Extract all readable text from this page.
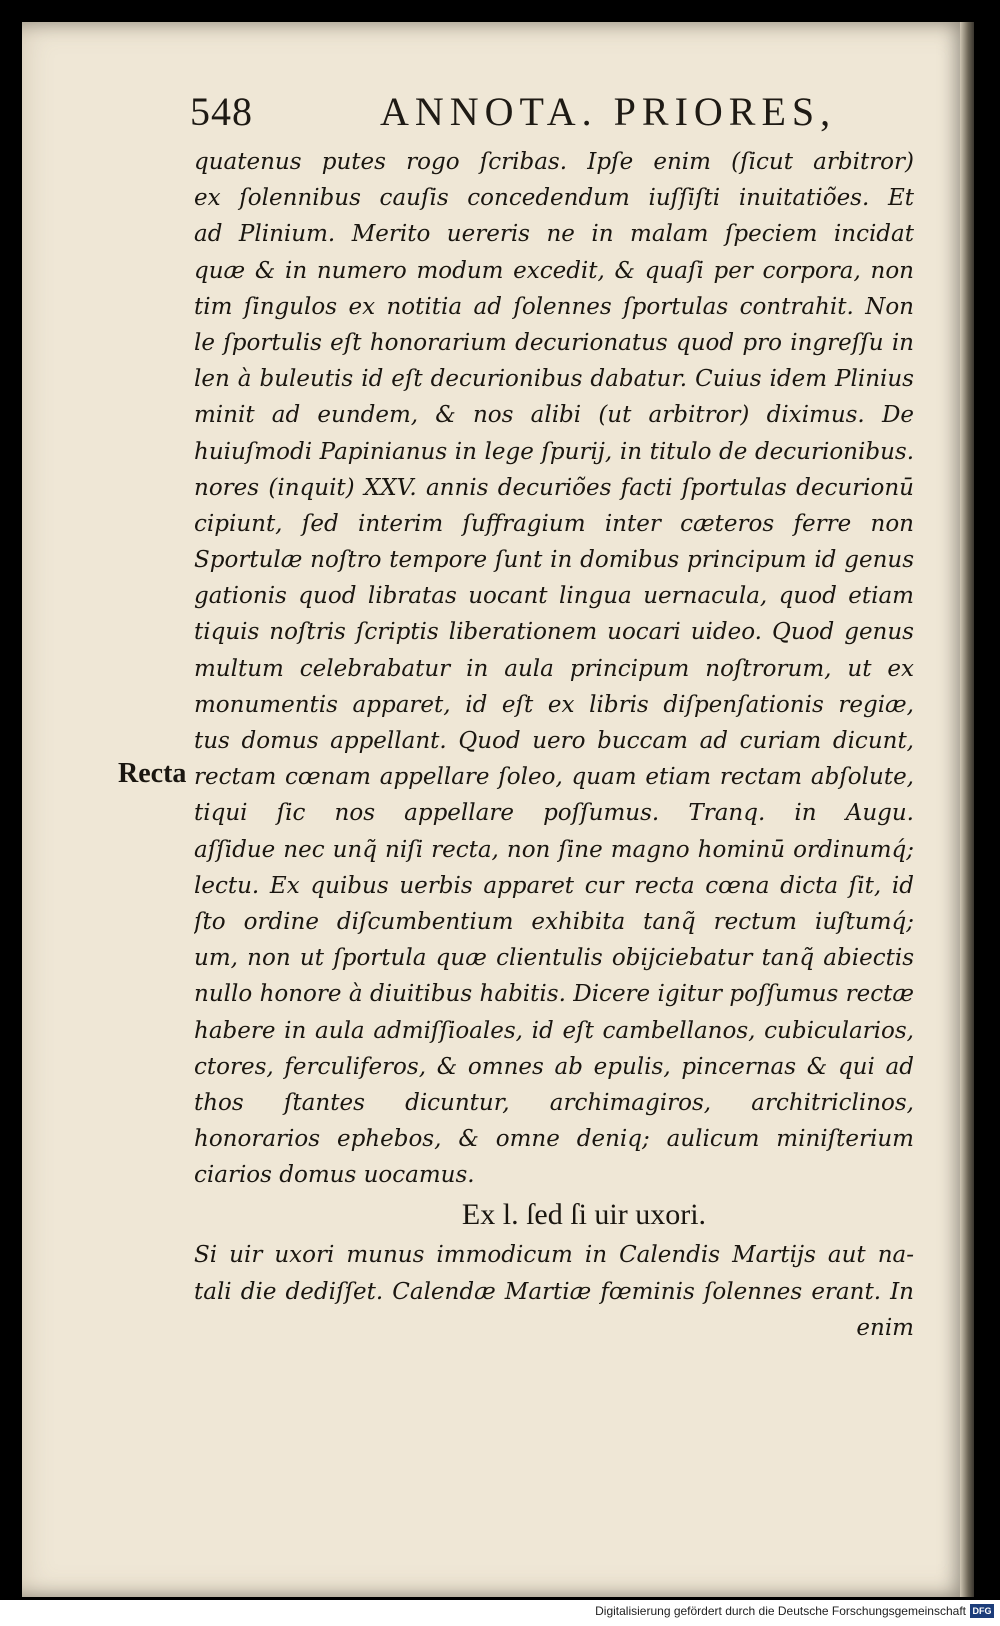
548	ANNOTA. PRIORES,
Recta
quatenus putes rogo ſcribas. Ipſe enim (ſicut arbitror)
ex ſolennibus cauſis concedendum iuſſiſti inuitatiões. Et
ad Plinium. Merito uereris ne in malam ſpeciem incidat
quæ & in numero modum excedit, & quaſi per corpora, non
tim ſingulos ex notitia ad ſolennes ſportulas contrahit. Non
le ſportulis eſt honorarium decurionatus quod pro ingreſſu in
len à buleutis id eſt decurionibus dabatur. Cuius idem Plinius
minit ad eundem, & nos alibi (ut arbitror) diximus. De
huiuſmodi Papinianus in lege ſpurij, in titulo de decurionibus.
nores (inquit) XXV. annis decuriões facti ſportulas decurionū
cipiunt, ſed interim ſuffragium inter cæteros ferre non
Sportulæ noſtro tempore ſunt in domibus principum id genus
gationis quod libratas uocant lingua uernacula, quod etiam
tiquis noſtris ſcriptis liberationem uocari uideo. Quod genus
multum celebrabatur in aula principum noſtrorum, ut ex
monumentis apparet, id eſt ex libris diſpenſationis regiæ,
tus domus appellant. Quod uero buccam ad curiam dicunt,
rectam cœnam appellare ſoleo, quam etiam rectam abſolute,
tiqui ſic nos appellare poſſumus. Tranq. in Augu.
aſſidue nec unq̃ niſi recta, non ſine magno hominū ordinumq́;
lectu. Ex quibus uerbis apparet cur recta cœna dicta ſit, id
ſto ordine diſcumbentium exhibita tanq̃ rectum iuſtumq́;
um, non ut ſportula quæ clientulis obijciebatur tanq̃ abiectis
nullo honore à diuitibus habitis. Dicere igitur poſſumus rectæ
habere in aula admiſſioales, id eſt cambellanos, cubicularios,
ctores, ferculiferos, & omnes ab epulis, pincernas & qui ad
thos ſtantes dicuntur, archimagiros, architriclinos,
honorarios ephebos, & omne deniq; aulicum miniſterium
ciarios domus uocamus.
Ex l. ſed ſi uir uxori.
Si uir uxori munus immodicum in Calendis Martijs aut na-
tali die dediſſet. Calendæ Martiæ fœminis ſolennes erant. In
enim
Digitalisierung gefördert durch die Deutsche Forschungsgemeinschaft DFG
